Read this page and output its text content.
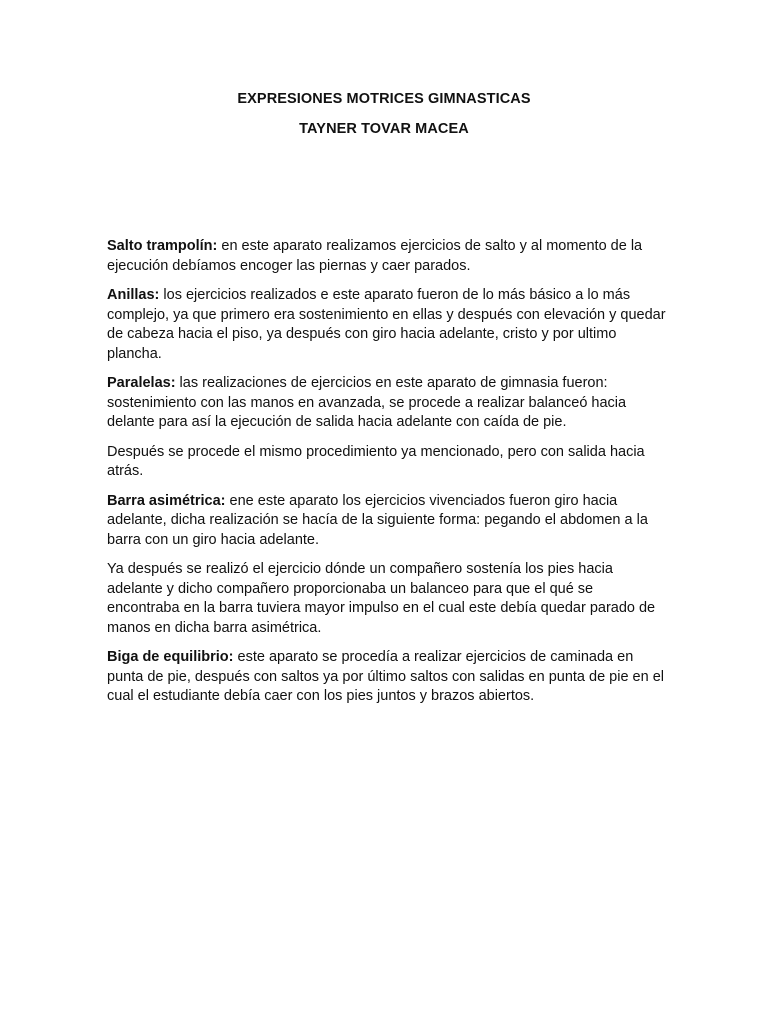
EXPRESIONES MOTRICES GIMNASTICAS
TAYNER TOVAR MACEA

Salto trampolín: en este aparato realizamos ejercicios de salto y al momento de la ejecución debíamos encoger las piernas y caer parados.

Anillas: los ejercicios realizados e este aparato fueron de lo más básico a lo más complejo, ya que primero era sostenimiento en ellas y después con elevación y quedar de cabeza hacia el piso, ya después con giro hacia adelante, cristo y por ultimo plancha.

Paralelas: las realizaciones de ejercicios en este aparato de gimnasia fueron: sostenimiento con las manos en avanzada, se procede a realizar balanceó hacia delante para así la ejecución de salida hacia adelante con caída de pie.

Después se procede el mismo procedimiento ya mencionado, pero con salida hacia atrás.

Barra asimétrica: ene este aparato los ejercicios vivenciados fueron giro hacia adelante, dicha realización se hacía de la siguiente forma: pegando el abdomen a la barra con un giro hacia adelante.

Ya después se realizó el ejercicio dónde un compañero sostenía los pies hacia adelante y dicho compañero proporcionaba un balanceo para que el qué se encontraba en la barra tuviera mayor impulso en el cual este debía quedar parado de manos en dicha barra asimétrica.

Biga de equilibrio: este aparato se procedía a realizar ejercicios de caminada en punta de pie, después con saltos ya por último saltos con salidas en punta de pie en el cual el estudiante debía caer con los pies juntos y brazos abiertos.
